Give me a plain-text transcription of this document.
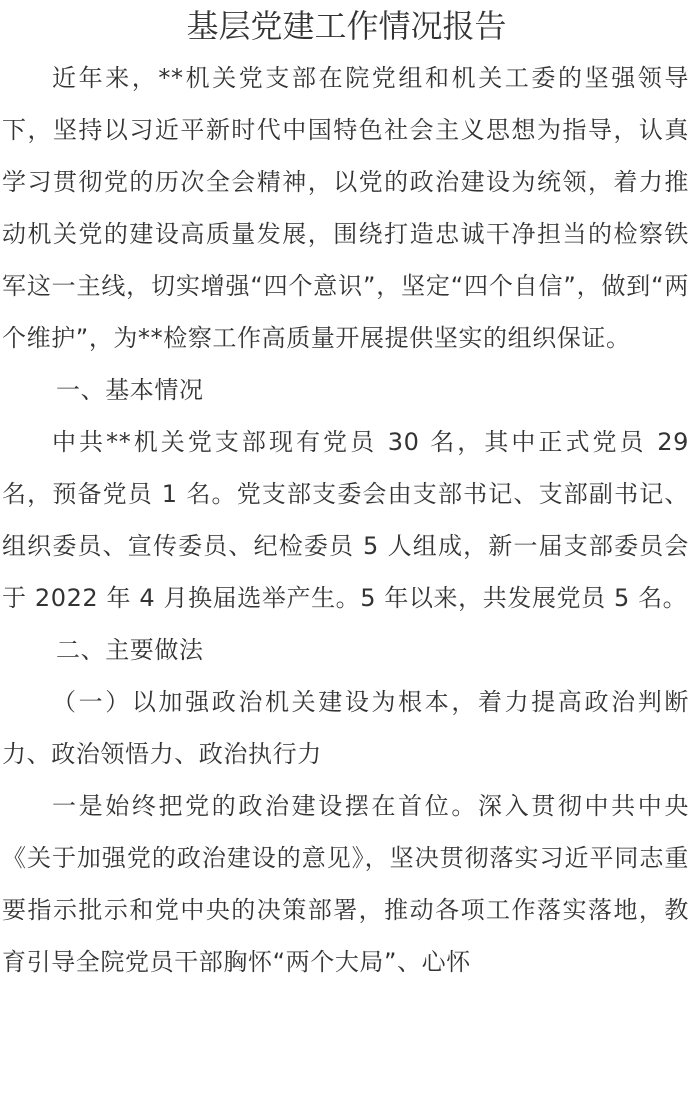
基层党建工作情况报告

近年来，**机关党支部在院党组和机关工委的坚强领导下，坚持以习近平新时代中国特色社会主义思想为指导，认真学习贯彻党的历次全会精神，以党的政治建设为统领，着力推动机关党的建设高质量发展，围绕打造忠诚干净担当的检察铁军这一主线，切实增强“四个意识”，坚定“四个自信”，做到“两个维护”，为**检察工作高质量开展提供坚实的组织保证。

一、基本情况

中共**机关党支部现有党员 30 名，其中正式党员 29 名，预备党员 1 名。党支部支委会由支部书记、支部副书记、组织委员、宣传委员、纪检委员 5 人组成，新一届支部委员会于 2022 年 4 月换届选举产生。5 年以来，共发展党员 5 名。

二、主要做法

（一）以加强政治机关建设为根本，着力提高政治判断力、政治领悟力、政治执行力

一是始终把党的政治建设摆在首位。深入贯彻中共中央《关于加强党的政治建设的意见》，坚决贯彻落实习近平同志重要指示批示和党中央的决策部署，推动各项工作落实落地，教育引导全院党员干部胸怀“两个大局”、心怀
